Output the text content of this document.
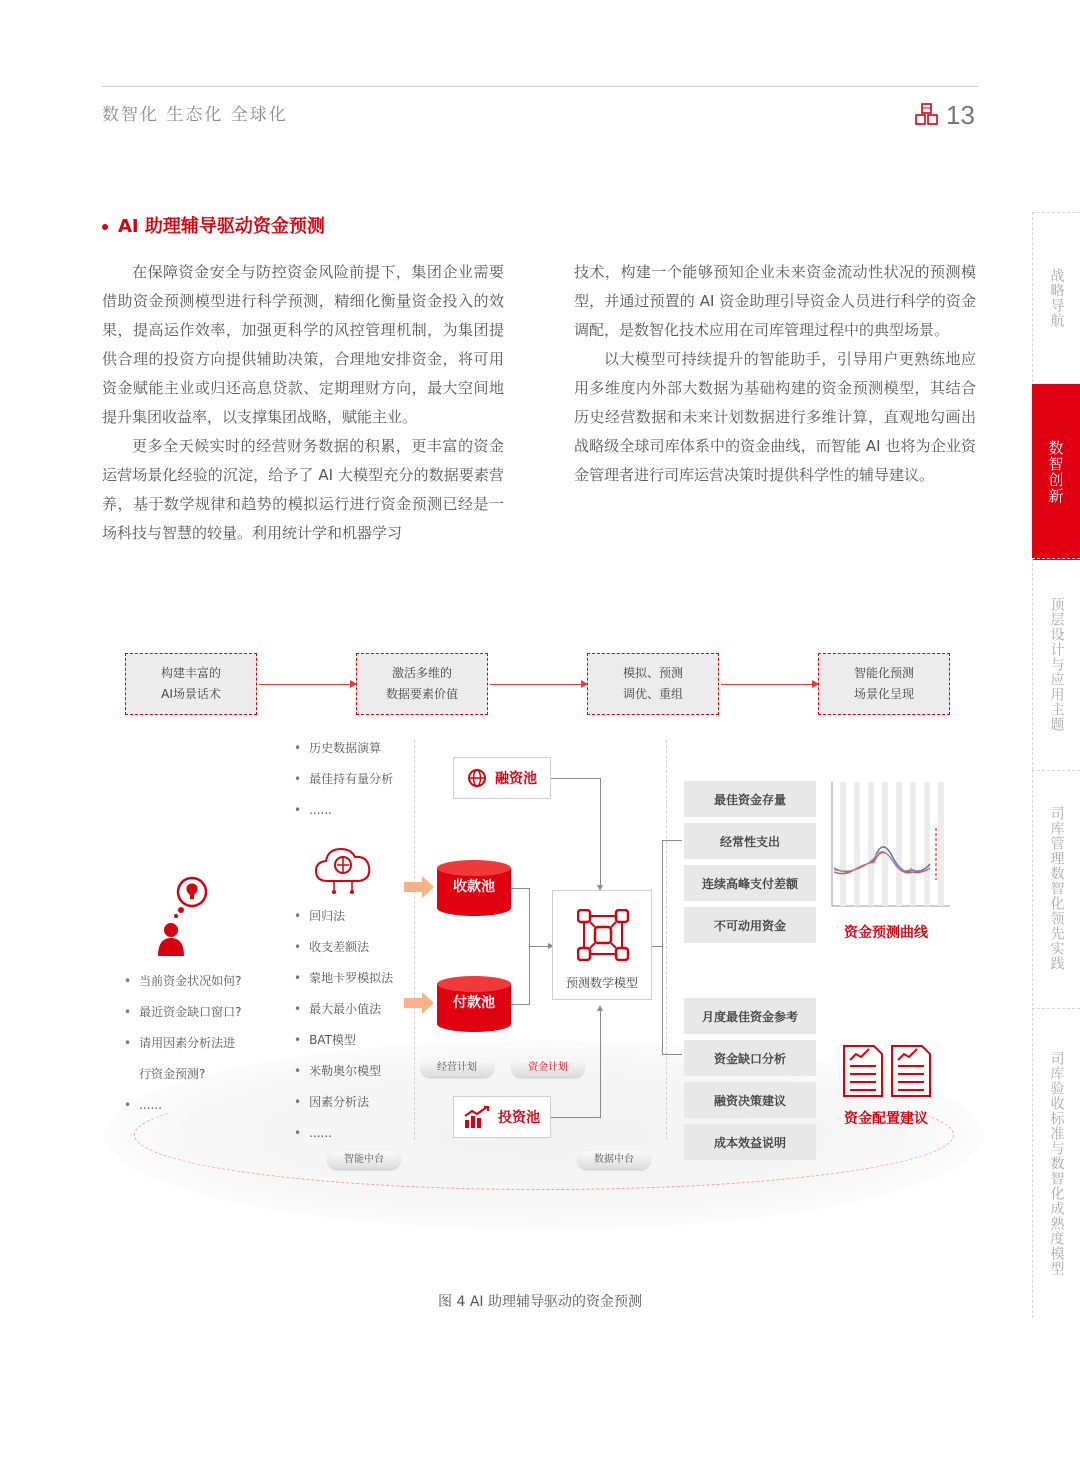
数智化 生态化 全球化	13
AI 助理辅导驱动资金预测

在保障资金安全与防控资金风险前提下，集团企业需要借助资金预测模型进行科学预测，精细化衡量资金投入的效果，提高运作效率，加强更科学的风控管理机制，为集团提供合理的投资方向提供辅助决策，合理地安排资金，将可用资金赋能主业或归还高息贷款、定期理财方向，最大空间地提升集团收益率，以支撑集团战略，赋能主业。

更多全天候实时的经营财务数据的积累，更丰富的资金运营场景化经验的沉淀，给予了 AI 大模型充分的数据要素营养，基于数学规律和趋势的模拟运行进行资金预测已经是一场科技与智慧的较量。利用统计学和机器学习

技术，构建一个能够预知企业未来资金流动性状况的预测模型，并通过预置的 AI 资金助理引导资金人员进行科学的资金调配，是数智化技术应用在司库管理过程中的典型场景。

以大模型可持续提升的智能助手，引导用户更熟练地应用多维度内外部大数据为基础构建的资金预测模型，其结合历史经营数据和未来计划数据进行多维计算，直观地勾画出战略级全球司库体系中的资金曲线，而智能 AI 也将为企业资金管理者进行司库运营决策时提供科学性的辅导建议。

战略导航
数智创新
顶层设计与应用主题
司库管理数智化领先实践
司库验收标准与数智化成熟度模型
构建丰富的
AI场景话术
激活多维的
数据要素价值
模拟、预测
调优、重组
智能化预测
场景化呈现
• 当前资金状况如何?
• 最近资金缺口窗口?
• 请用因素分析法进
行资金预测?
• ......
• 历史数据演算
• 最佳持有量分析
• ......
• 回归法
• 收支差额法
• 蒙地卡罗模拟法
• 最大最小值法
• BAT模型
• 米勒奥尔模型
• 因素分析法
• ......
融资池
收款池
付款池
经营计划	资金计划
投资池
预测数学模型
最佳资金存量
经常性支出
连续高峰支付差额
不可动用资金
月度最佳资金参考
资金缺口分析
融资决策建议
成本效益说明
资金预测曲线
资金配置建议
智能中台	数据中台
图 4 AI 助理辅导驱动的资金预测
